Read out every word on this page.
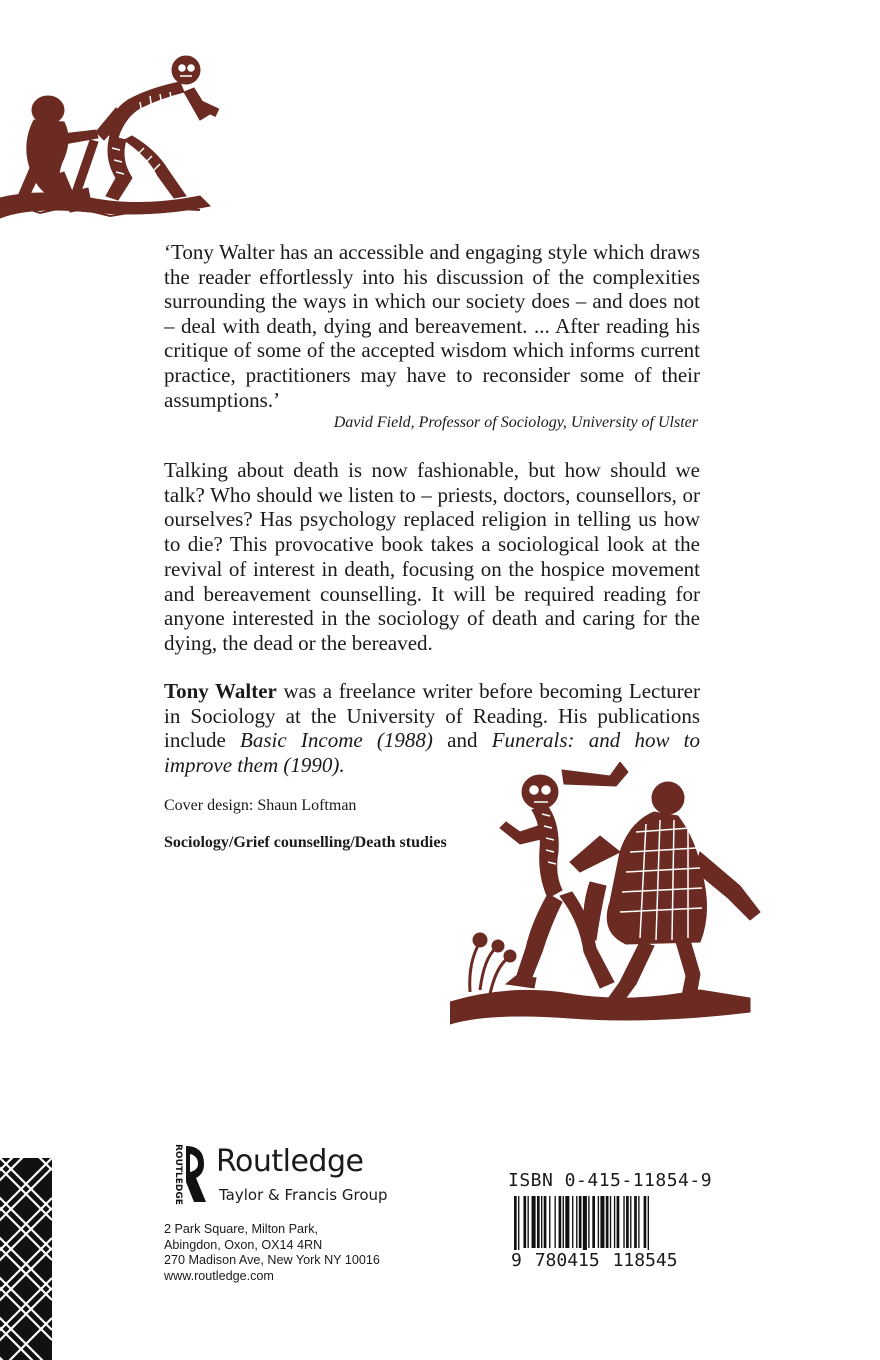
‘Tony Walter has an accessible and engaging style which draws the reader effortlessly into his discussion of the complexities surrounding the ways in which our society does – and does not – deal with death, dying and bereavement. ... After reading his critique of some of the accepted wisdom which informs current practice, practitioners may have to reconsider some of their assumptions.’
David Field, Professor of Sociology, University of Ulster
Talking about death is now fashionable, but how should we talk? Who should we listen to – priests, doctors, counsellors, or ourselves? Has psychology replaced religion in telling us how to die? This provocative book takes a sociological look at the revival of interest in death, focusing on the hospice movement and bereavement counselling. It will be required reading for anyone interested in the sociology of death and caring for the dying, the dead or the bereaved.
Tony Walter was a freelance writer before becoming Lecturer in Sociology at the University of Reading. His publications include Basic Income (1988) and Funerals: and how to improve them (1990).
Cover design: Shaun Loftman
Sociology/Grief counselling/Death studies
ROUTLEDGE Routledge
Taylor & Francis Group
2 Park Square, Milton Park,
Abingdon, Oxon, OX14 4RN
270 Madison Ave, New York NY 10016
www.routledge.com
ISBN 0-415-11854-9
9 780415 118545
